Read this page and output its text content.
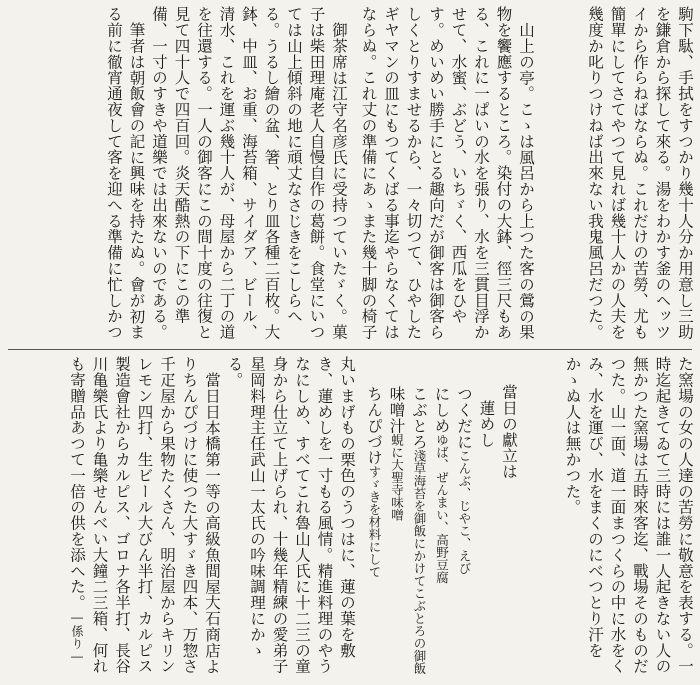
駒下駄、手拭をすつかり幾十人分か用意し三助を鎌倉から探して來る。湯をわかす釜のヘッツイから作らねばならぬ。これだけの苦勞、尤も簡單にしてさてやつて見れば幾十人かの人夫を幾度か叱りつけねば出來ない我鬼風呂だつた。

山上の亭。こゝは風呂から上つた客の鶯の果物を饗應するところ。染付の大鉢、徑三尺もある、これに一ぱいの水を張り、水を三貫目浮かせて、水蜜、ぶどう、いちゞく、西瓜をひやす。めいめい勝手にとる趣向だが御客は御客らしくとりすませるから、一々切つて、ひやしたギヤマンの皿にもつてくばる事迄やらなくてはならぬ。これ丈の準備にあゝまた幾十脚の椅子

御茶席は江守名彦氏に受持つていたゞく。菓子は柴田理庵老人自慢自作の葛餅。食堂にいつては山上傾斜の地に頑丈なさじきをこしらへる。うるし繪の盆、箸、とり皿各種二百枚。大鉢、中皿、お重、海苔箱、サイダア、ビール、清水、これを運ぶ幾十人が、母屋から二丁の道を往還する。一人の御客にこの間十度の往復と見て四十人で四百回。炎天酷熱の下にこの準備、一寸のすきや道樂では出來ないのである。

筆者は朝飯會の記に興味を持たぬ。會が初まる前に徹宵通夜して客を迎へる準備に忙しかつ

た窯場の女の人達の苦勞に敬意を表する。一時迄起きてゐて三時には誰一人起きない人の無かつた窯場は五時來客迄、戰場そのものだつた。山一面、道一面まつくらの中に水をくみ、水を運び、水をまくのにべつとり汗をかゝぬ人は無かつた。

當日の獻立は

蓮めし

つくだにこんぶ、じやこ、えび

にしめゆば、ぜんまい、高野豆腐

こぶとろ淺草海苔を御飯にかけてこぶとろの御飯

味噌汁蜆に大聖寺味噌

ちんぴづけすゞきを材料にして

丸いまげもの栗色のうつはに、蓮の葉を敷き、蓮めしを一寸もる風情。精進料理のやうなにしめ、すべてこれ魯山人氏に十二三の童身から仕立て上げられ、十幾年精練の愛弟子星岡料理主任武山一太氏の吟味調理にかゝる。

當日日本橋第一等の高級魚間屋大石商店よりちんぴづけに使つた大すゞき四本、万惣さ千疋屋から果物たくさん、明治屋からキリンレモン四打、生ビール大びん半打、カルピス製造會社からカルピス、ゴロナ各半打、長谷川亀樂氏より亀樂せんべい大鐘二三箱、何れも寄贈品あつて一倍の供を添へた。―係り―
